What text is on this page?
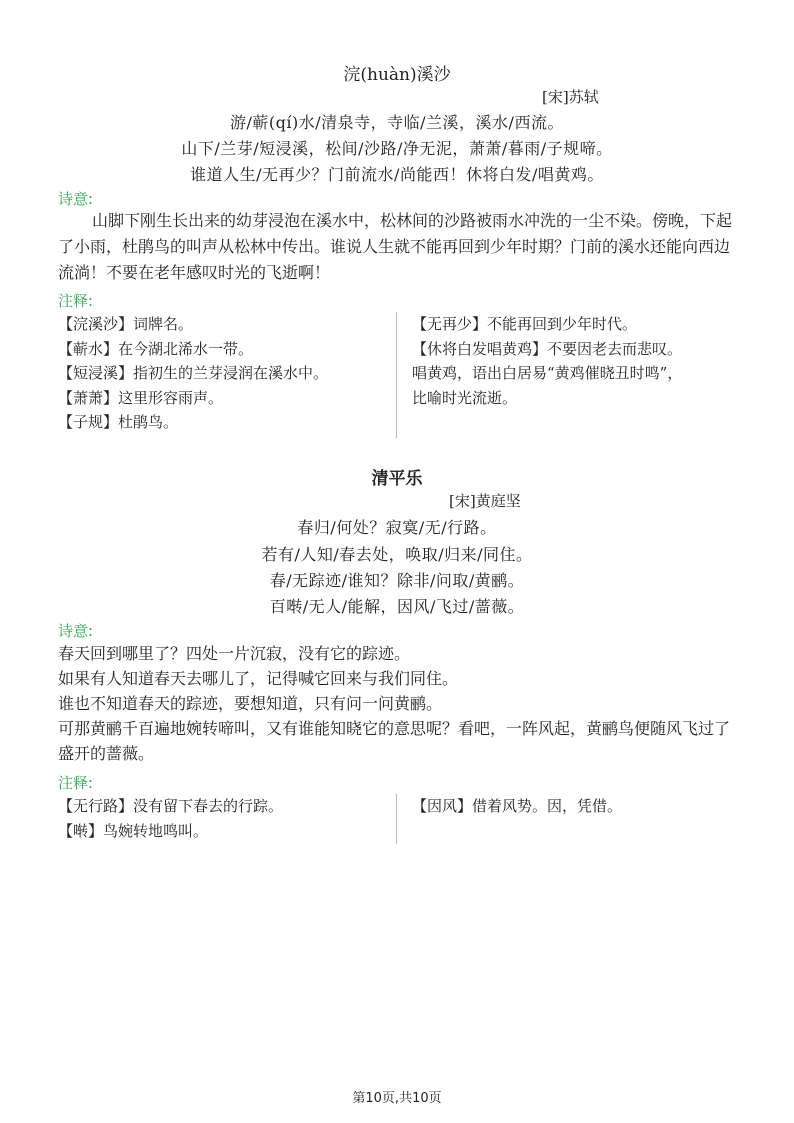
浣(huàn)溪沙
[宋]苏轼
游/蕲(qí)水/清泉寺，寺临/兰溪，溪水/西流。
山下/兰芽/短浸溪，松间/沙路/净无泥，萧萧/暮雨/子规啼。
谁道人生/无再少？门前流水/尚能西！休将白发/唱黄鸡。
诗意:

山脚下刚生长出来的幼芽浸泡在溪水中，松林间的沙路被雨水冲洗的一尘不染。傍晚，下起了小雨，杜鹃鸟的叫声从松林中传出。谁说人生就不能再回到少年时期？门前的溪水还能向西边流淌！不要在老年感叹时光的飞逝啊！

注释:

【浣溪沙】词牌名。

【蕲水】在今湖北浠水一带。

【短浸溪】指初生的兰芽浸润在溪水中。

【萧萧】这里形容雨声。

【子规】杜鹃鸟。

【无再少】不能再回到少年时代。

【休将白发唱黄鸡】不要因老去而悲叹。

唱黄鸡，语出白居易“黄鸡催晓丑时鸣”，

比喻时光流逝。

清平乐
[宋]黄庭坚
春归/何处？寂寞/无/行路。
若有/人知/春去处，唤取/归来/同住。
春/无踪迹/谁知？除非/问取/黄鹂。
百啭/无人/能解，因风/飞过/蔷薇。
诗意:

春天回到哪里了？四处一片沉寂，没有它的踪迹。

如果有人知道春天去哪儿了，记得喊它回来与我们同住。

谁也不知道春天的踪迹，要想知道，只有问一问黄鹂。

可那黄鹂千百遍地婉转啼叫，又有谁能知晓它的意思呢？看吧，一阵风起，黄鹂鸟便随风飞过了盛开的蔷薇。

注释:

【无行路】没有留下春去的行踪。

【啭】鸟婉转地鸣叫。

【因风】借着风势。因，凭借。

第10页,共10页
